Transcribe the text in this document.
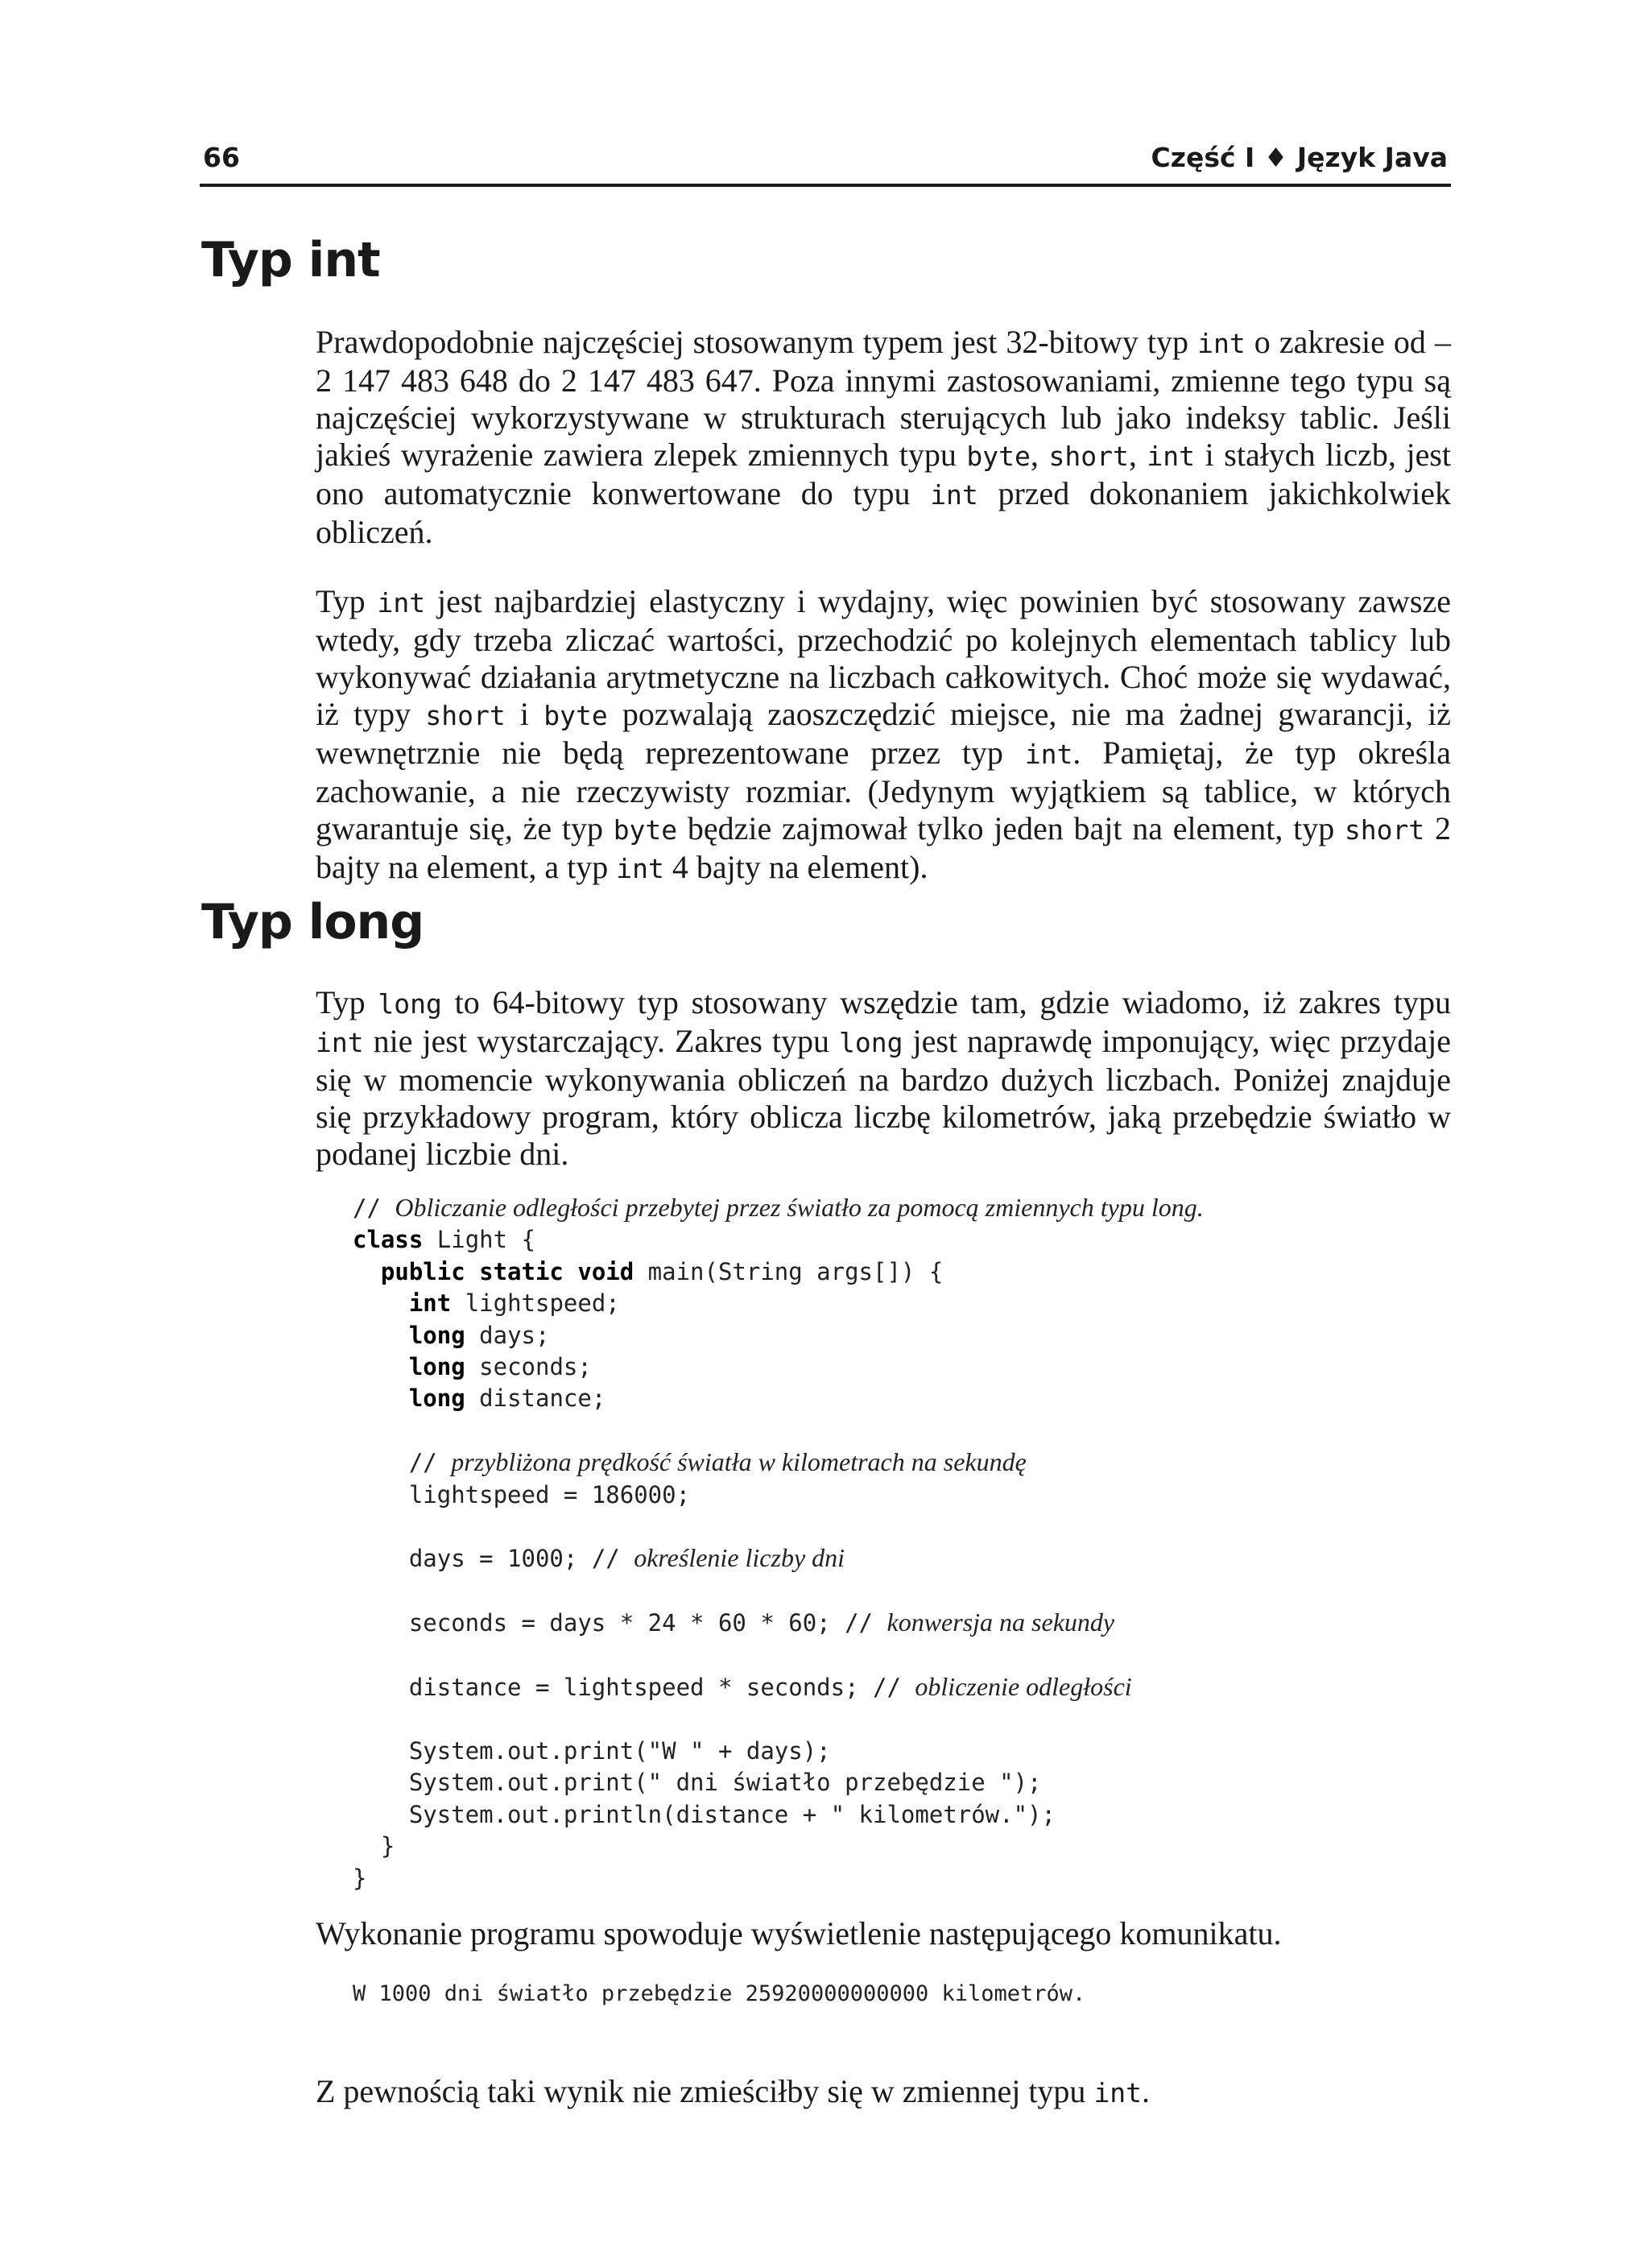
66	Część I ♦ Język Java
Typ int

Prawdopodobnie najczęściej stosowanym typem jest 32-bitowy typ int o zakresie od –2 147 483 648 do 2 147 483 647. Poza innymi zastosowaniami, zmienne tego typu są najczęściej wykorzystywane w strukturach sterujących lub jako indeksy tablic. Jeśli jakieś wyrażenie zawiera zlepek zmiennych typu byte, short, int i stałych liczb, jest ono automatycznie konwertowane do typu int przed dokonaniem jakichkolwiek obliczeń.

Typ int jest najbardziej elastyczny i wydajny, więc powinien być stosowany zawsze wtedy, gdy trzeba zliczać wartości, przechodzić po kolejnych elementach tablicy lub wykonywać działania arytmetyczne na liczbach całkowitych. Choć może się wydawać, iż typy short i byte pozwalają zaoszczędzić miejsce, nie ma żadnej gwarancji, iż wewnętrznie nie będą reprezentowane przez typ int. Pamiętaj, że typ określa zachowanie, a nie rzeczywisty rozmiar. (Jedynym wyjątkiem są tablice, w których gwarantuje się, że typ byte będzie zajmował tylko jeden bajt na element, typ short 2 bajty na element, a typ int 4 bajty na element).

Typ long

Typ long to 64-bitowy typ stosowany wszędzie tam, gdzie wiadomo, iż zakres typu int nie jest wystarczający. Zakres typu long jest naprawdę imponujący, więc przydaje się w momencie wykonywania obliczeń na bardzo dużych liczbach. Poniżej znajduje się przykładowy program, który oblicza liczbę kilometrów, jaką przebędzie światło w podanej liczbie dni.

// Obliczanie odległości przebytej przez światło za pomocą zmiennych typu long.
class Light {
public static void main(String args[]) {
int lightspeed;
long days;
long seconds;
long distance;

// przybliżona prędkość światła w kilometrach na sekundę
lightspeed = 186000;

days = 1000; // określenie liczby dni

seconds = days * 24 * 60 * 60; // konwersja na sekundy

distance = lightspeed * seconds; // obliczenie odległości

System.out.print("W " + days);
System.out.print(" dni światło przebędzie ");
System.out.println(distance + " kilometrów.");
}
}

Wykonanie programu spowoduje wyświetlenie następującego komunikatu.

W 1000 dni światło przebędzie 25920000000000 kilometrów.

Z pewnością taki wynik nie zmieściłby się w zmiennej typu int.
